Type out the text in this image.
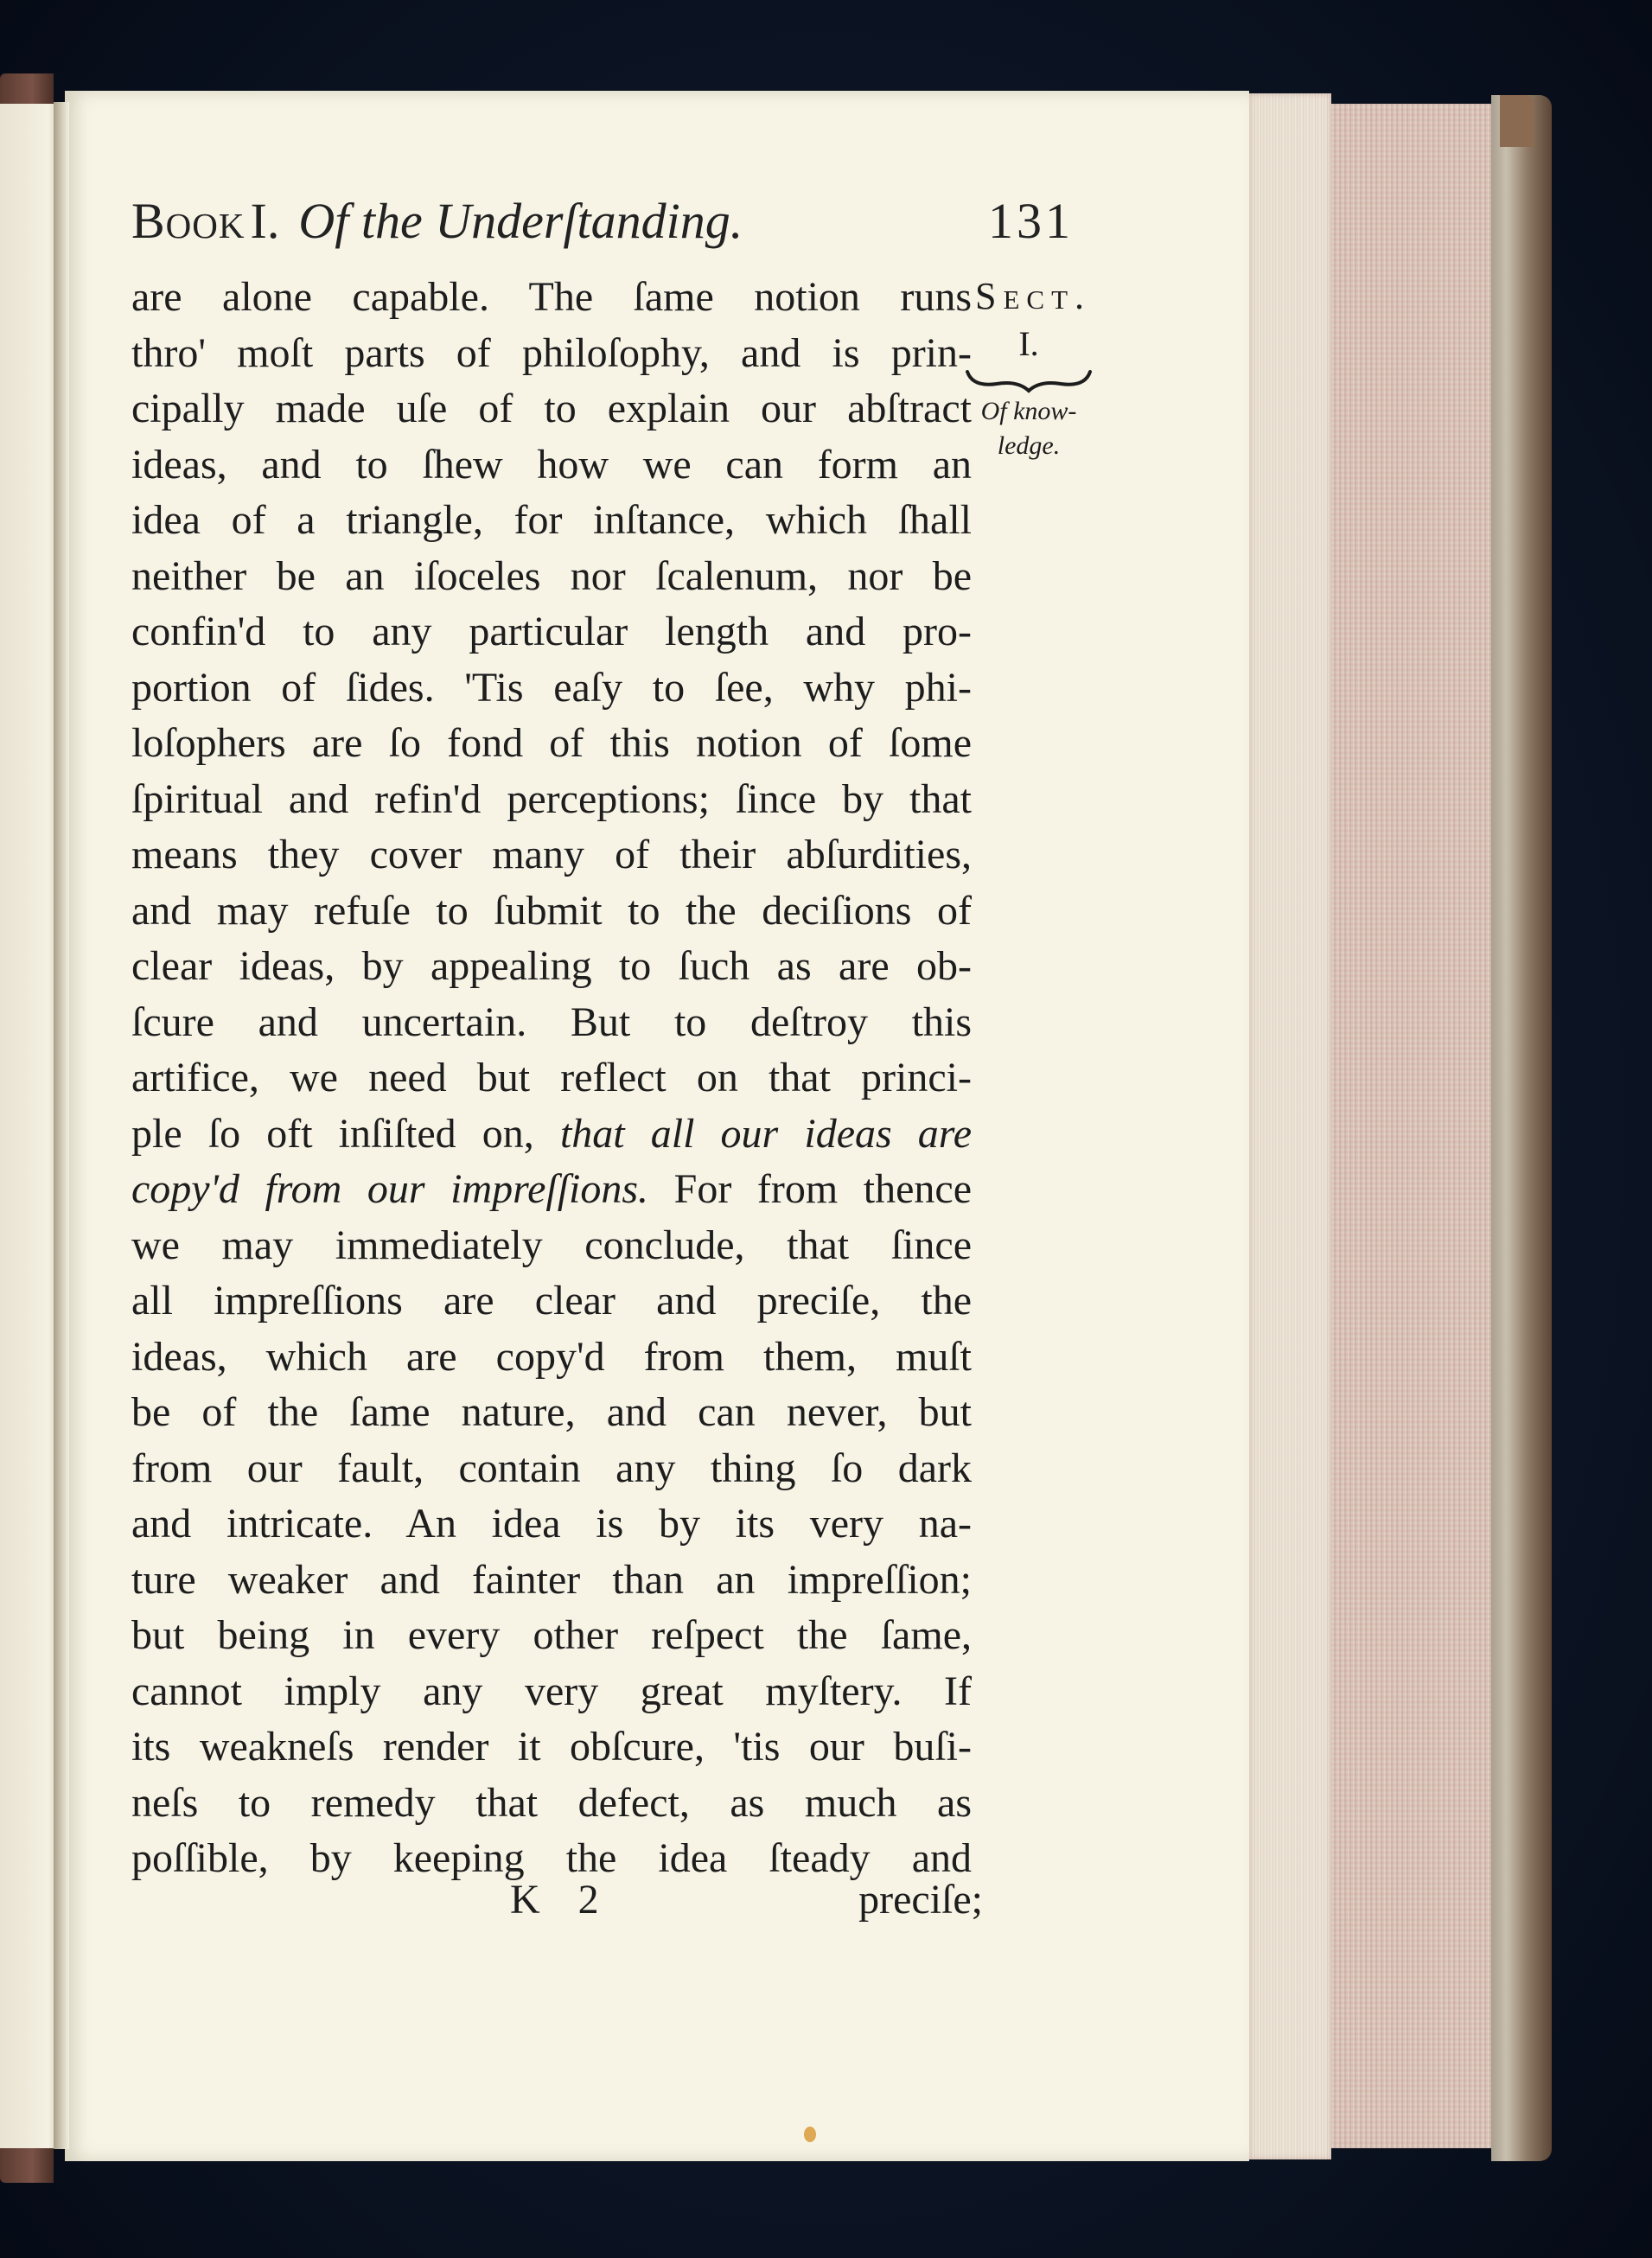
Book I. Of the Underſtanding.	131
are alone capable. The ſame notion runs
thro' moſt parts of philoſophy, and is prin-
cipally made uſe of to explain our abſtract
ideas, and to ſhew how we can form an
idea of a triangle, for inſtance, which ſhall
neither be an iſoceles nor ſcalenum, nor be
confin'd to any particular length and pro-
portion of ſides. 'Tis eaſy to ſee, why phi-
loſophers are ſo fond of this notion of ſome
ſpiritual and refin'd perceptions; ſince by that
means they cover many of their abſurdities,
and may refuſe to ſubmit to the deciſions of
clear ideas, by appealing to ſuch as are ob-
ſcure and uncertain. But to deſtroy this
artifice, we need but reflect on that princi-
ple ſo oft inſiſted on, that all our ideas are
copy'd from our impreſſions. For from thence
we may immediately conclude, that ſince
all impreſſions are clear and preciſe, the
ideas, which are copy'd from them, muſt
be of the ſame nature, and can never, but
from our fault, contain any thing ſo dark
and intricate. An idea is by its very na-
ture weaker and fainter than an impreſſion;
but being in every other reſpect the ſame,
cannot imply any very great myſtery. If
its weakneſs render it obſcure, 'tis our buſi-
neſs to remedy that defect, as much as
poſſible, by keeping the idea ſteady and
Sect.
I.
Of know-
ledge.
K 2	preciſe;
